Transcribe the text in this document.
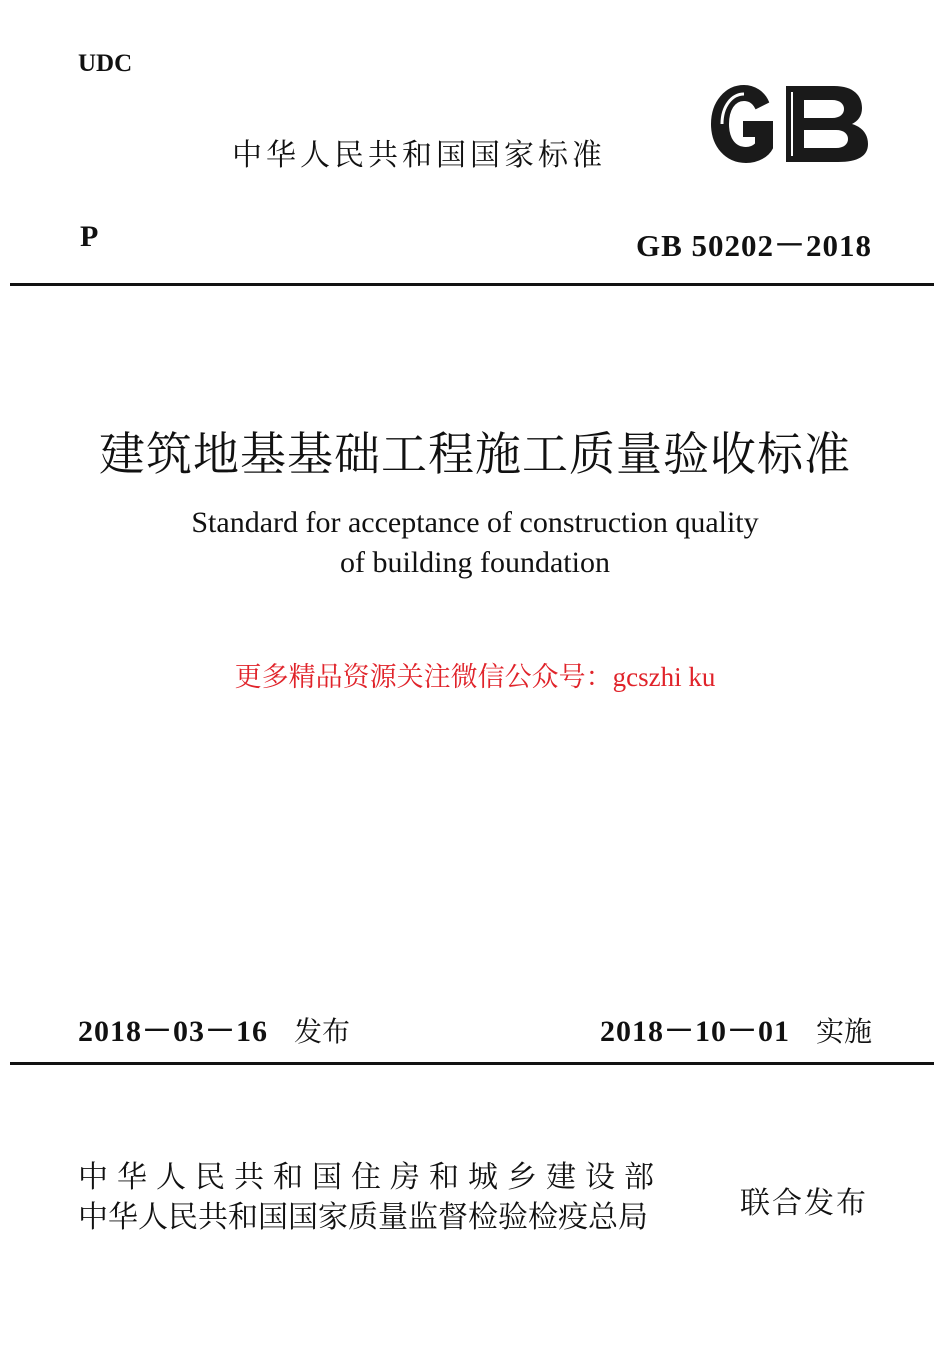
UDC
中华人民共和国国家标准
P	GB 50202－2018
建筑地基基础工程施工质量验收标准
Standard for acceptance of construction quality
of building foundation
更多精品资源关注微信公众号：gcszhi ku
2018－03－16 发布	2018－10－01 实施
中华人民共和国住房和城乡建设部
中华人民共和国国家质量监督检验检疫总局	联合发布
